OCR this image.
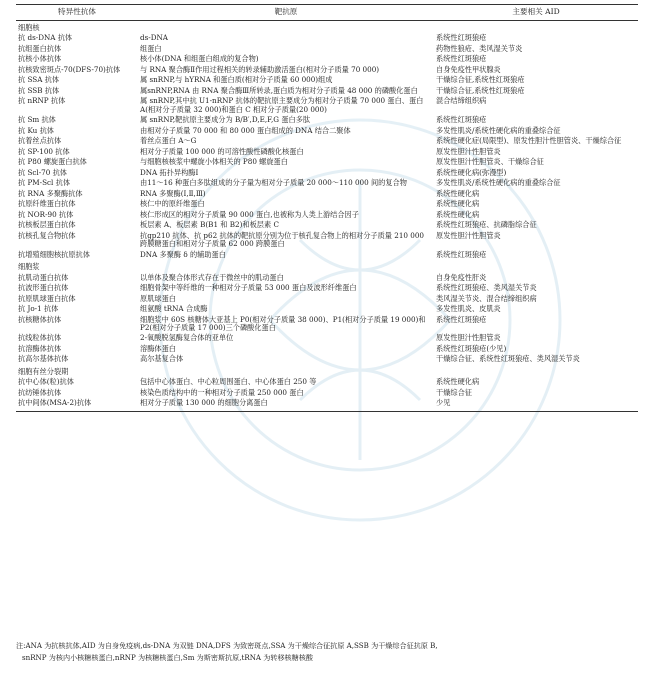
特异性抗体	靶抗原	主要相关 AID
细胞核		
抗 ds-DNA 抗体	ds-DNA	系统性红斑狼疮
抗组蛋白抗体	组蛋白	药物性狼疮、类风湿关节炎
抗核小体抗体	核小体(DNA 和组蛋白组成的复合物)	系统性红斑狼疮
抗核致密斑点-70(DFS-70)抗体	与 RNA 聚合酶Ⅱ作用过程相关的转录辅助激活蛋白(相对分子质量 70 000)	自身免疫性甲状腺炎
抗 SSA 抗体	属 snRNP,与 hYRNA 和蛋白质(相对分子质量 60 000)组成	干燥综合征,系统性红斑狼疮
抗 SSB 抗体	属snRNP,RNA 由 RNA 聚合酶Ⅲ所转录,蛋白质为相对分子质量 48 000 的磷酸化蛋白	干燥综合征,系统性红斑狼疮
抗 nRNP 抗体	属 snRNP,其中抗 U1-nRNP 抗体的靶抗原主要成分为相对分子质量 70 000 蛋白、蛋白 A(相对分子质量 32 000)和蛋白 C 相对分子质量(20 000)	混合结缔组织病
抗 Sm 抗体	属 snRNP,靶抗原主要成分为 B/B′,D,E,F,G 蛋白多肽	系统性红斑狼疮
抗 Ku 抗体	由相对分子质量 70 000 和 80 000 蛋白组成的 DNA 结合二聚体	多发性肌炎/系统性硬化病的重叠综合征
抗着丝点抗体	着丝点蛋白 A～G	系统性硬化症(局限型)、原发性胆汁性胆管炎、干燥综合征
抗 SP-100 抗体	相对分子质量 100 000 的可溶性酸性磷酸化核蛋白	原发性胆汁性胆管炎
抗 P80 螺旋蛋白抗体	与细胞核核浆中螺旋小体相关的 P80 螺旋蛋白	原发性胆汁性胆管炎、干燥综合征
抗 Scl-70 抗体	DNA 拓扑异构酶Ⅰ	系统性硬化病(弥漫型)
抗 PM-Scl 抗体	由11～16 种蛋白多肽组成的分子量为相对分子质量 20 000～110 000 间的复合物	多发性肌炎/系统性硬化病的重叠综合征
抗 RNA 多聚酶抗体	RNA 多聚酶(Ⅰ,Ⅱ,Ⅲ)	系统性硬化病
抗原纤维蛋白抗体	核仁中的原纤维蛋白	系统性硬化病
抗 NOR-90 抗体	核仁形成区的相对分子质量 90 000 蛋白,也被称为人类上游结合因子	系统性硬化病
抗核板层蛋白抗体	板层素 A、板层素 B(B1 和 B2)和板层素 C	系统性红斑狼疮、抗磷脂综合征
抗核孔复合物抗体	抗gp210 抗体、抗 p62 抗体的靶抗原分别为位于核孔复合物上的相对分子质量 210 000 跨膜糖蛋白和相对分子质量 62 000 跨膜蛋白	原发性胆汁性胆管炎
抗增殖细胞核抗原抗体	DNA 多聚酶 δ 的辅助蛋白	系统性红斑狼疮
细胞浆		
抗肌动蛋白抗体	以单体及聚合体形式存在于微丝中的肌动蛋白	自身免疫性肝炎
抗波形蛋白抗体	细胞骨架中等纤维的一种相对分子质量 53 000 蛋白及波形纤维蛋白	系统性红斑狼疮、类风湿关节炎
抗原肌球蛋白抗体	原肌球蛋白	类风湿关节炎、混合结缔组织病
抗 Jo-1 抗体	组氨酸 tRNA 合成酶	多发性肌炎、皮肌炎
抗核糖体抗体	细胞浆中 60S 核糖体大亚基上 P0(相对分子质量 38 000)、P1(相对分子质量 19 000)和 P2(相对分子质量 17 000)三个磷酸化蛋白	系统性红斑狼疮
抗线粒体抗体	2-氧酸脱氢酶复合体的亚单位	原发性胆汁性胆管炎
抗溶酶体抗体	溶酶体蛋白	系统性红斑狼疮(少见)
抗高尔基体抗体	高尔基复合体	干燥综合征、系统性红斑狼疮、类风湿关节炎
细胞有丝分裂期		
抗中心体(粒)抗体	包括中心体蛋白、中心粒周围蛋白、中心体蛋白 250 等	系统性硬化病
抗纺锤体抗体	核染色质结构中的一种相对分子质量 250 000 蛋白	干燥综合征
抗中间体(MSA-2)抗体	相对分子质量 130 000 的细胞分离蛋白	少见

注:ANA 为抗核抗体,AID 为自身免疫病,ds-DNA 为双链 DNA,DFS 为致密斑点,SSA 为干燥综合征抗原 A,SSB 为干燥综合征抗原 B,

snRNP 为核内小核糖核蛋白,nRNP 为核糖核蛋白,Sm 为斯密斯抗原,tRNA 为转移核糖核酸
